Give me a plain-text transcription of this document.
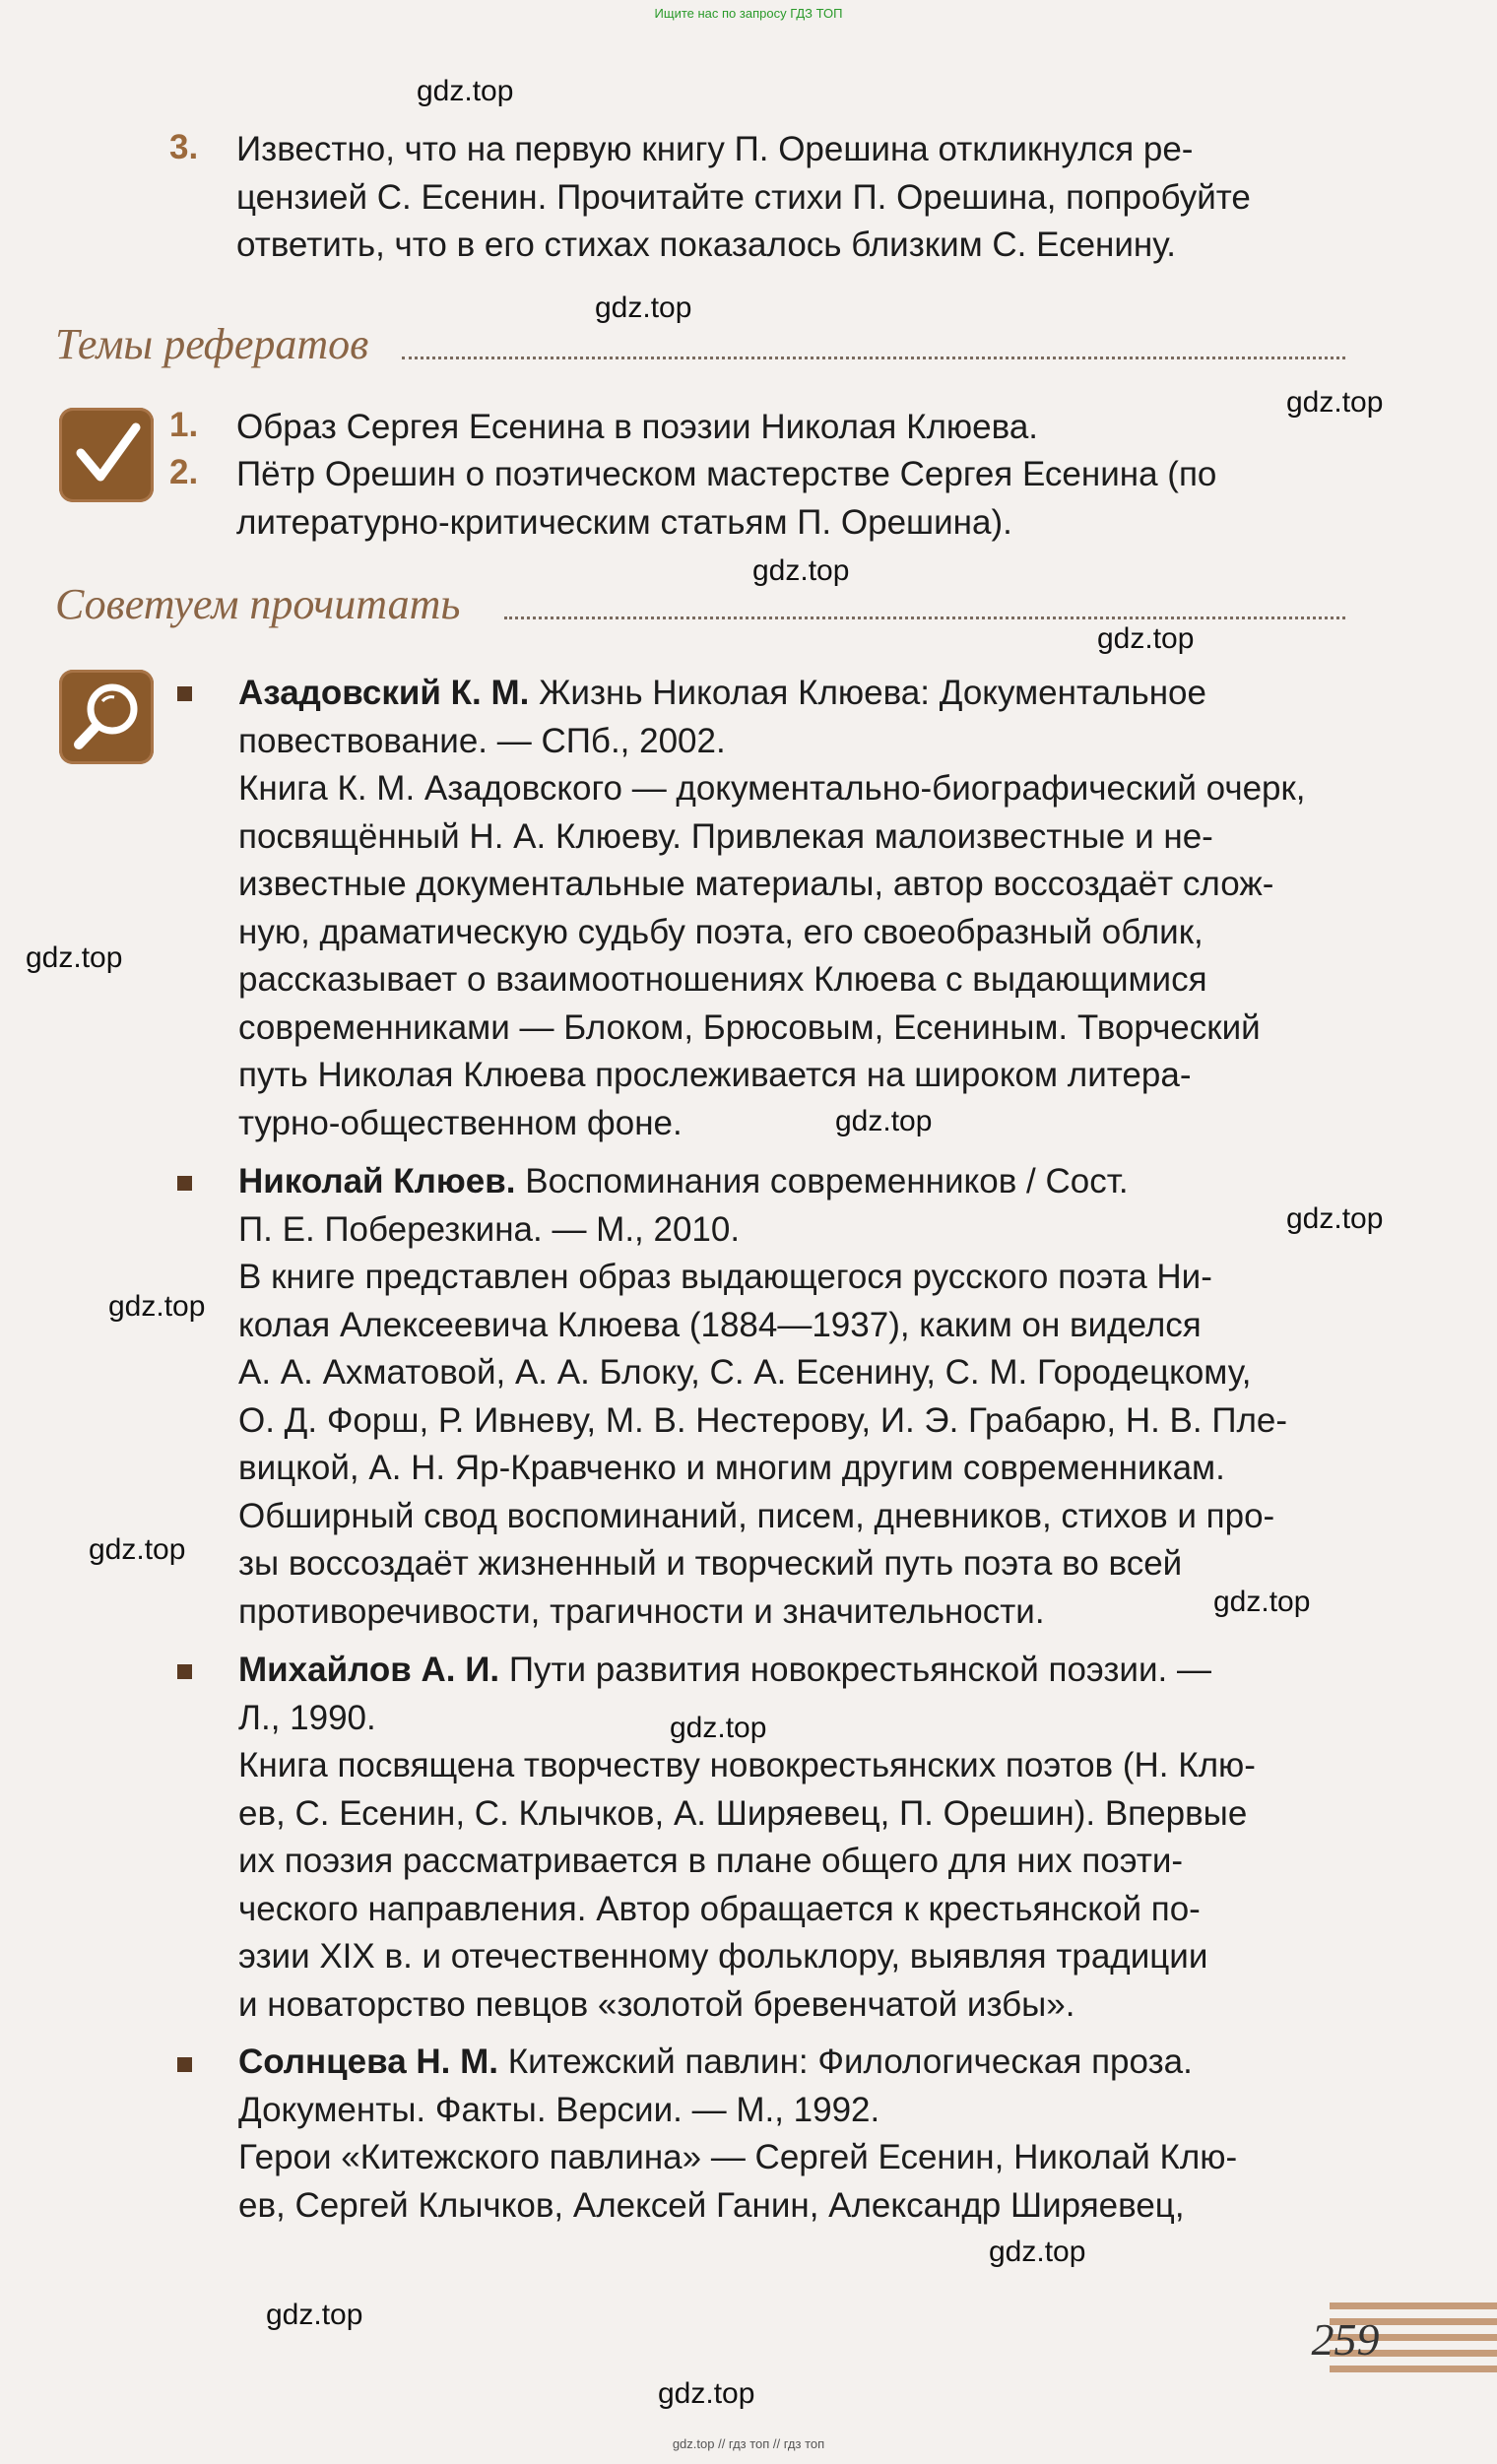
Ищите нас по запросу ГДЗ ТОП
3. Известно, что на первую книгу П. Орешина откликнулся ре-
цензией С. Есенин. Прочитайте стихи П. Орешина, попробуйте
ответить, что в его стихах показалось близким С. Есенину.
Темы рефератов
1. Образ Сергея Есенина в поэзии Николая Клюева.
2. Пётр Орешин о поэтическом мастерстве Сергея Есенина (по
литературно-критическим статьям П. Орешина).
Советуем прочитать
Азадовский К. М. Жизнь Николая Клюева: Документальное
повествование. — СПб., 2002.
Книга К. М. Азадовского — документально-биографический очерк,
посвящённый Н. А. Клюеву. Привлекая малоизвестные и не-
известные документальные материалы, автор воссоздаёт слож-
ную, драматическую судьбу поэта, его своеобразный облик,
рассказывает о взаимоотношениях Клюева с выдающимися
современниками — Блоком, Брюсовым, Есениным. Творческий
путь Николая Клюева прослеживается на широком литера-
турно-общественном фоне.
Николай Клюев. Воспоминания современников / Сост.
П. Е. Поберезкина. — М., 2010.
В книге представлен образ выдающегося русского поэта Ни-
колая Алексеевича Клюева (1884—1937), каким он виделся
А. А. Ахматовой, А. А. Блоку, С. А. Есенину, С. М. Городецкому,
О. Д. Форш, Р. Ивневу, М. В. Нестерову, И. Э. Грабарю, Н. В. Пле-
вицкой, А. Н. Яр-Кравченко и многим другим современникам.
Обширный свод воспоминаний, писем, дневников, стихов и про-
зы воссоздаёт жизненный и творческий путь поэта во всей
противоречивости, трагичности и значительности.
Михайлов А. И. Пути развития новокрестьянской поэзии. —
Л., 1990.
Книга посвящена творчеству новокрестьянских поэтов (Н. Клю-
ев, С. Есенин, С. Клычков, А. Ширяевец, П. Орешин). Впервые
их поэзия рассматривается в плане общего для них поэти-
ческого направления. Автор обращается к крестьянской по-
эзии XIX в. и отечественному фольклору, выявляя традиции
и новаторство певцов «золотой бревенчатой избы».
Солнцева Н. М. Китежский павлин: Филологическая проза.
Документы. Факты. Версии. — М., 1992.
Герои «Китежского павлина» — Сергей Есенин, Николай Клю-
ев, Сергей Клычков, Алексей Ганин, Александр Ширяевец,
gdz.top
gdz.top
gdz.top
gdz.top
gdz.top
gdz.top
gdz.top
gdz.top
gdz.top
gdz.top
gdz.top
gdz.top
gdz.top
gdz.top
gdz.top
259
gdz.top // гдз топ // гдз топ
